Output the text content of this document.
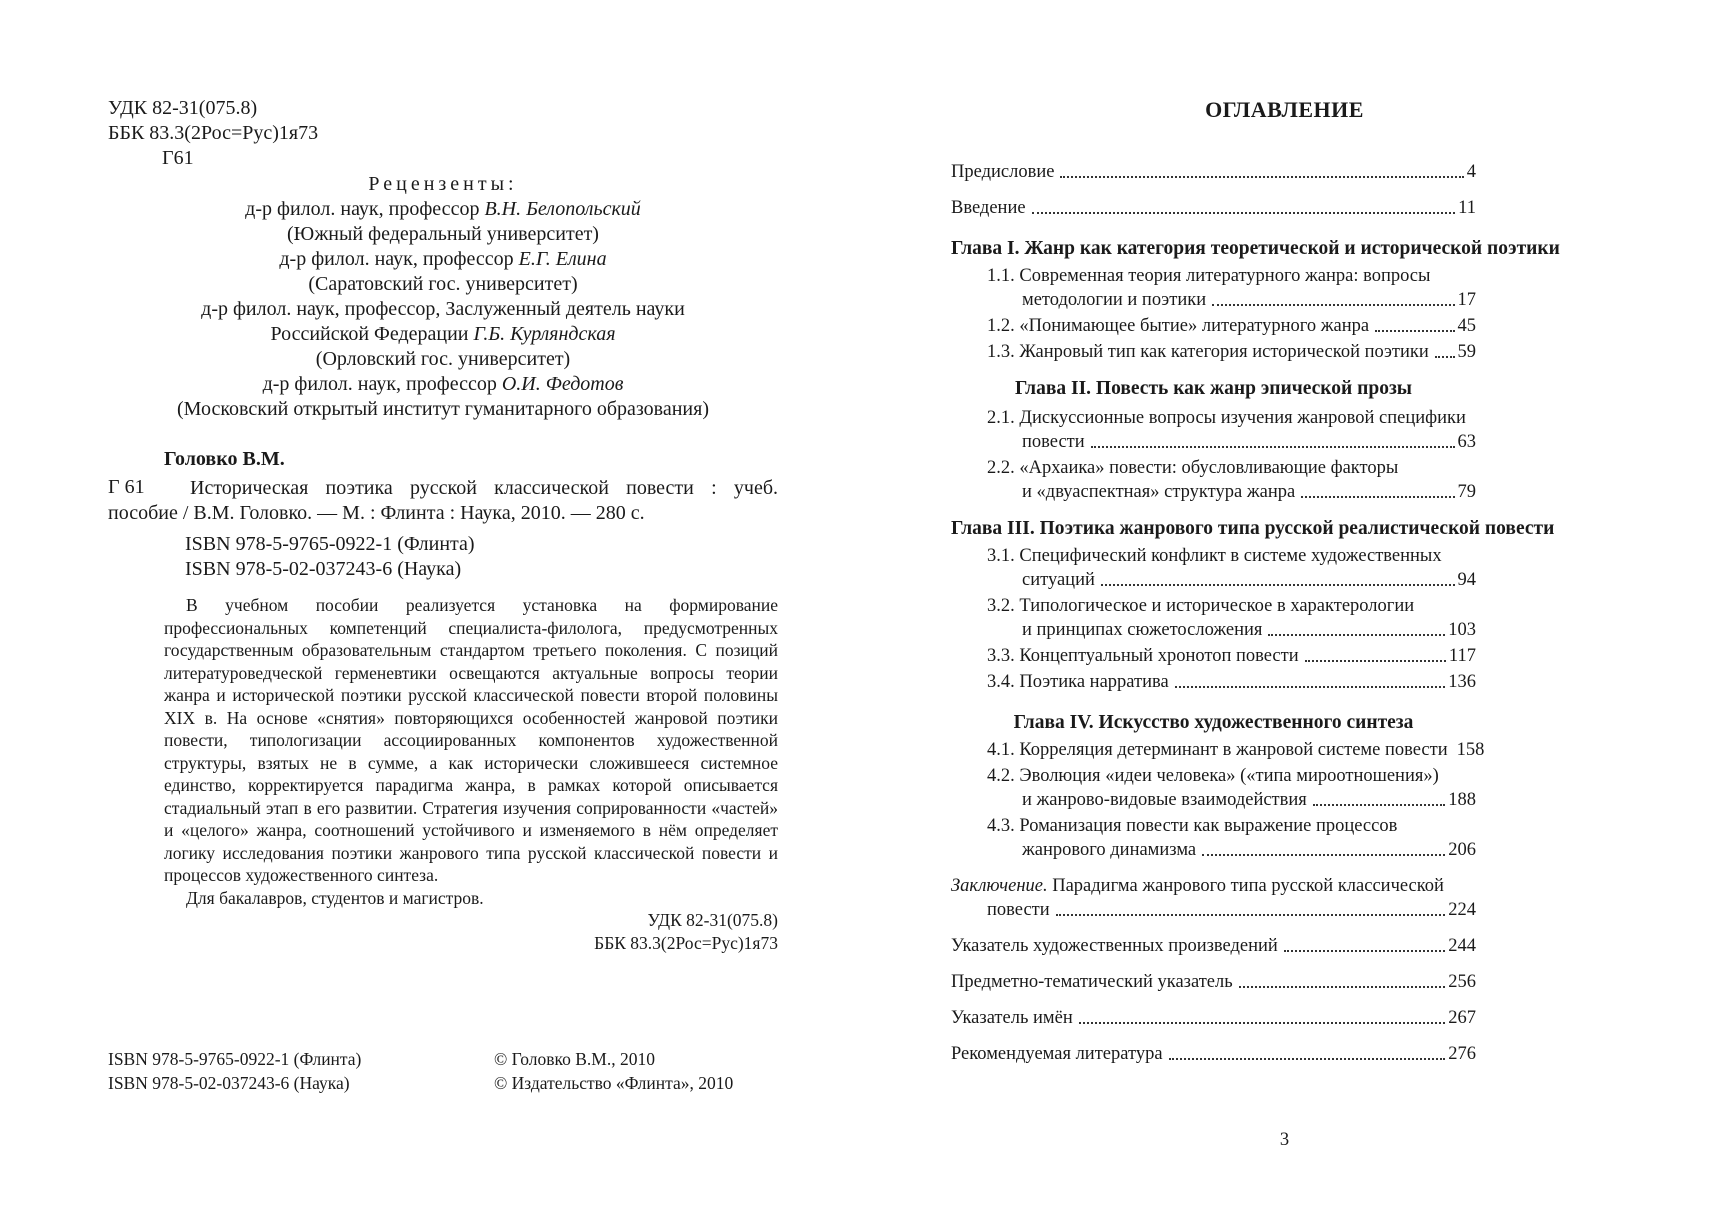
УДК 82-31(075.8)
ББК 83.3(2Рос=Рус)1я73
Г61
Рецензенты:
д-р филол. наук, профессор В.Н. Белопольский
(Южный федеральный университет)
д-р филол. наук, профессор Е.Г. Елина
(Саратовский гос. университет)
д-р филол. наук, профессор, Заслуженный деятель науки
Российской Федерации Г.Б. Курляндская
(Орловский гос. университет)
д-р филол. наук, профессор О.И. Федотов
(Московский открытый институт гуманитарного образования)
Головко В.М.
Г 61	Историческая поэтика русской классической повести : учеб. пособие / В.М. Головко. — М. : Флинта : Наука, 2010. — 280 с.
ISBN 978-5-9765-0922-1 (Флинта)
ISBN 978-5-02-037243-6 (Наука)
В учебном пособии реализуется установка на формирование профессиональных компетенций специалиста-филолога, предусмотренных государственным образовательным стандартом третьего поколения. С позиций литературоведческой герменевтики освещаются актуальные вопросы теории жанра и исторической поэтики русской классической повести второй половины XIX в. На основе «снятия» повторяющихся особенностей жанровой поэтики повести, типологизации ассоциированных компонентов художественной структуры, взятых не в сумме, а как исторически сложившееся системное единство, корректируется парадигма жанра, в рамках которой описывается стадиальный этап в его развитии. Стратегия изучения сопрированности «частей» и «целого» жанра, соотношений устойчивого и изменяемого в нём определяет логику исследования поэтики жанрового типа русской классической повести и процессов художественного синтеза.
Для бакалавров, студентов и магистров.
УДК 82-31(075.8)
ББК 83.3(2Рос=Рус)1я73
ISBN 978-5-9765-0922-1 (Флинта)
ISBN 978-5-02-037243-6 (Наука)
© Головко В.М., 2010
© Издательство «Флинта», 2010
ОГЛАВЛЕНИЕ
Предисловие	4
Введение	11
Глава I. Жанр как категория теоретической и исторической поэтики
1.1. Современная теория литературного жанра: вопросы
методологии и поэтики	17
1.2. «Понимающее бытие» литературного жанра	45
1.3. Жанровый тип как категория исторической поэтики 59
Глава II. Повесть как жанр эпической прозы
2.1. Дискуссионные вопросы изучения жанровой специфики
повести	63
2.2. «Архаика» повести: обусловливающие факторы
и «двуаспектная» структура жанра	79
Глава III. Поэтика жанрового типа русской реалистической повести
3.1. Специфический конфликт в системе художественных
ситуаций	94
3.2. Типологическое и историческое в характерологии
и принципах сюжетосложения	103
3.3. Концептуальный хронотоп повести	117
3.4. Поэтика нарратива	136
Глава IV. Искусство художественного синтеза
4.1. Корреляция детерминант в жанровой системе повести 158
4.2. Эволюция «идеи человека» («типа мироотношения»)
и жанрово-видовые взаимодействия	188
4.3. Романизация повести как выражение процессов
жанрового динамизма	206
Заключение. Парадигма жанрового типа русской классической
повести	224
Указатель художественных произведений	244
Предметно-тематический указатель	256
Указатель имён	267
Рекомендуемая литература	276
3
